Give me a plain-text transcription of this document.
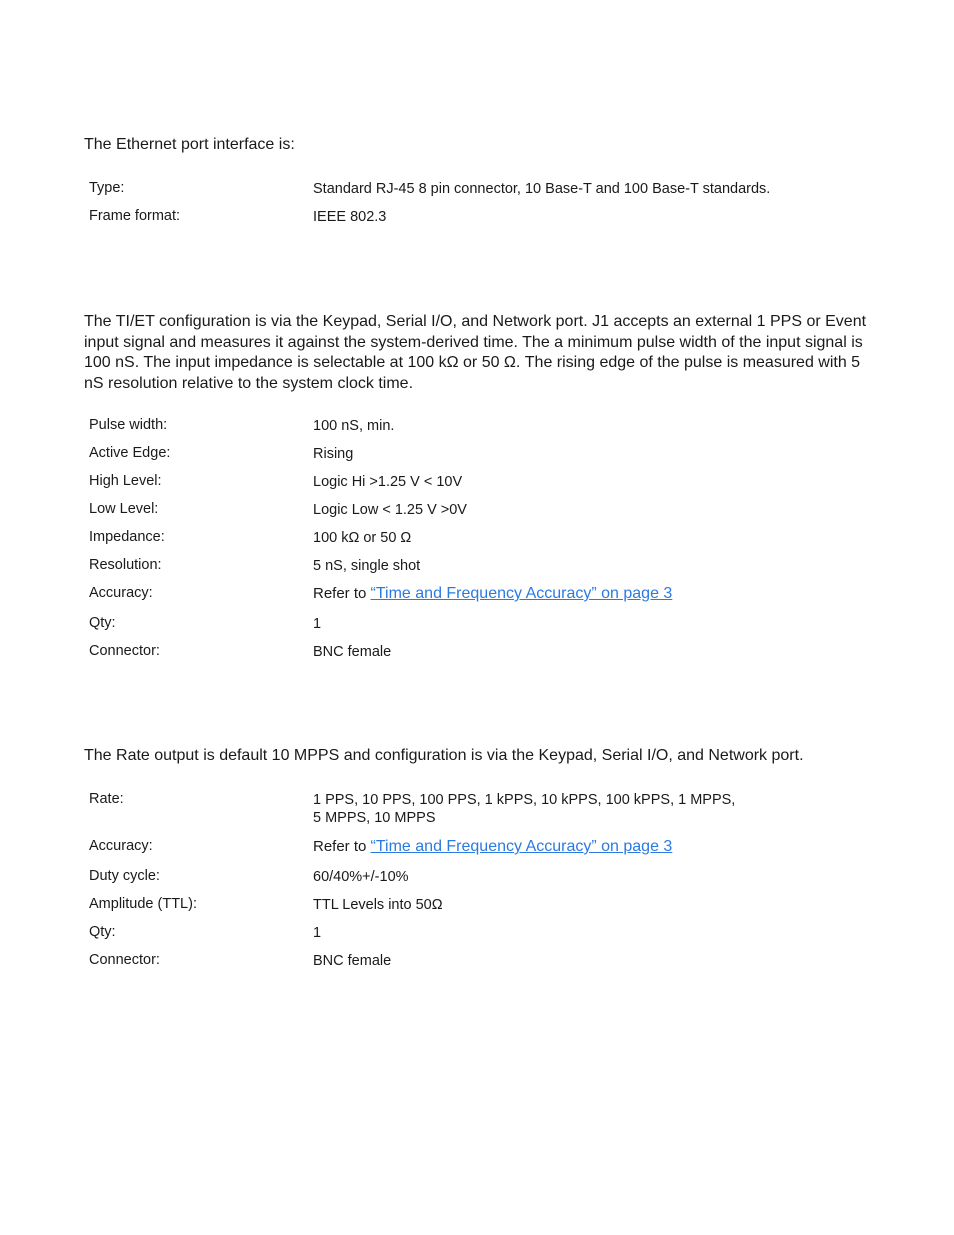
The Ethernet port interface is:

Type:	Standard RJ-45 8 pin connector, 10 Base-T and 100 Base-T standards.
Frame format:	IEEE 802.3

The TI/ET configuration is via the Keypad, Serial I/O, and Network port. J1 accepts an external 1 PPS or Event input signal and measures it against the system-derived time. The a minimum pulse width of the input signal is 100 nS. The input impedance is selectable at 100 kΩ or 50 Ω. The rising edge of the pulse is measured with 5 nS resolution relative to the system clock time.

Pulse width:	100 nS, min.
Active Edge:	Rising
High Level:	Logic Hi >1.25 V < 10V
Low Level:	Logic Low < 1.25 V >0V
Impedance:	100 kΩ or 50 Ω
Resolution:	5 nS, single shot
Accuracy:	Refer to “Time and Frequency Accuracy” on page 3
Qty:	1
Connector:	BNC female

The Rate output is default 10 MPPS and configuration is via the Keypad, Serial I/O, and Network port.

Rate:	1 PPS, 10 PPS, 100 PPS, 1 kPPS, 10 kPPS, 100 kPPS, 1 MPPS,
5 MPPS, 10 MPPS
Accuracy:	Refer to “Time and Frequency Accuracy” on page 3
Duty cycle:	60/40%+/-10%
Amplitude (TTL):	TTL Levels into 50Ω
Qty:	1
Connector:	BNC female
